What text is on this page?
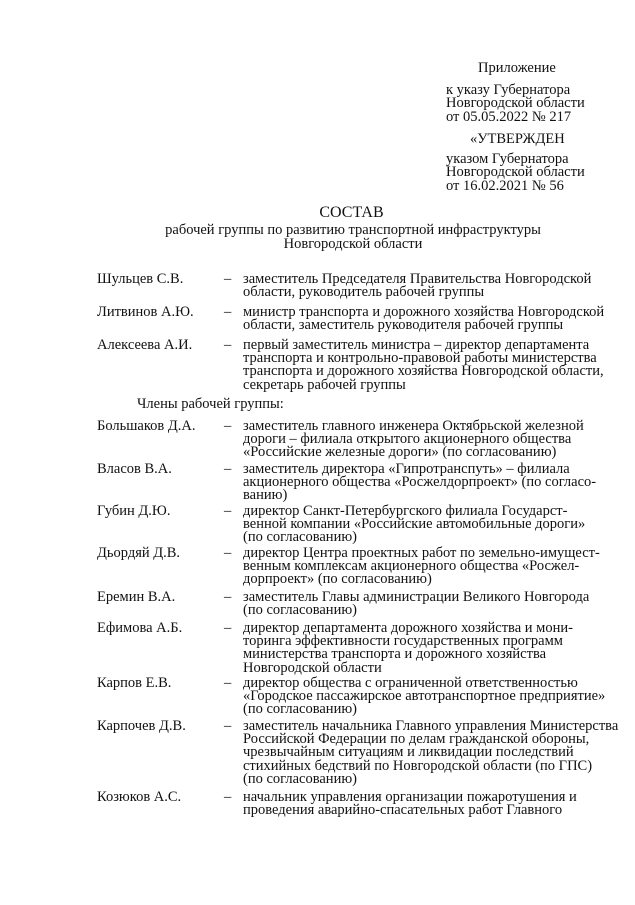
Приложение
к указу Губернатора
Новгородской области
от 05.05.2022 № 217
«УТВЕРЖДЕН
указом Губернатора
Новгородской области
от 16.02.2021 № 56
СОСТАВ
рабочей группы по развитию транспортной инфраструктуры
Новгородской области
Шульцев С.В.	– заместитель Председателя Правительства Новгородской
области, руководитель рабочей группы
Литвинов А.Ю. – министр транспорта и дорожного хозяйства Новгородской
области, заместитель руководителя рабочей группы
Алексеева А.И. – первый заместитель министра – директор департамента
транспорта и контрольно-правовой работы министерства
транспорта и дорожного хозяйства Новгородской области,
секретарь рабочей группы
Члены рабочей группы:
Большаков Д.А. – заместитель главного инженера Октябрьской железной
дороги – филиала открытого акционерного общества
«Российские железные дороги» (по согласованию)
Власов В.А.	– заместитель директора «Гипротранспуть» – филиала
акционерного общества «Росжелдорпроект» (по согласо-
ванию)
Губин Д.Ю.	– директор Санкт-Петербургского филиала Государст-
венной компании «Российские автомобильные дороги»
(по согласованию)
Дьордяй Д.В.	– директор Центра проектных работ по земельно-имущест-
венным комплексам акционерного общества «Росжел-
дорпроект» (по согласованию)
Еремин В.А.	– заместитель Главы администрации Великого Новгорода
(по согласованию)
Ефимова А.Б.	– директор департамента дорожного хозяйства и мони-
торинга эффективности государственных программ
министерства транспорта и дорожного хозяйства
Новгородской области
Карпов Е.В.	– директор общества с ограниченной ответственностью
«Городское пассажирское автотранспортное предприятие»
(по согласованию)
Карпочев Д.В.	– заместитель начальника Главного управления Министерства
Российской Федерации по делам гражданской обороны,
чрезвычайным ситуациям и ликвидации последствий
стихийных бедствий по Новгородской области (по ГПС)
(по согласованию)
Козюков А.С.	– начальник управления организации пожаротушения и
проведения аварийно-спасательных работ Главного
